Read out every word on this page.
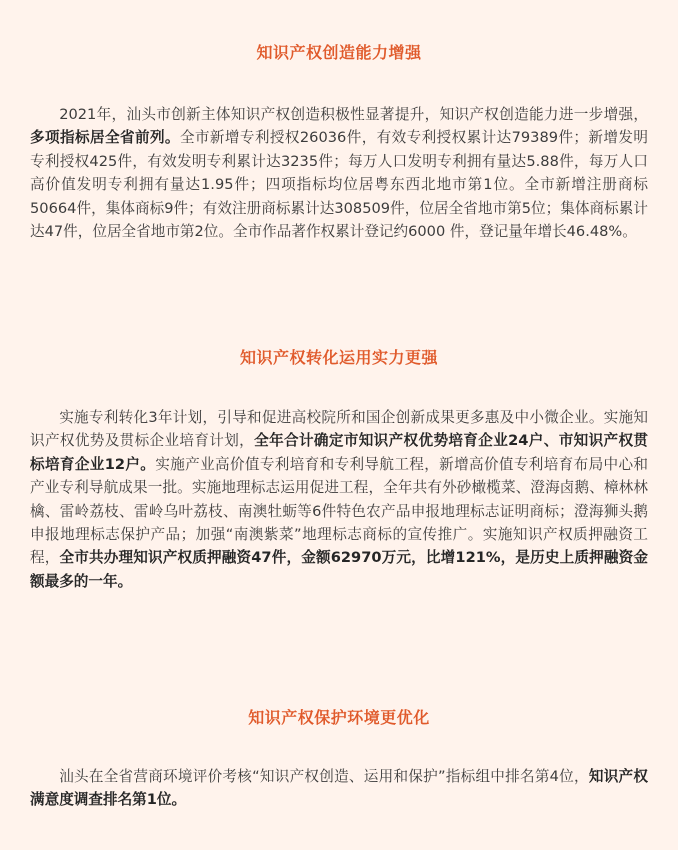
知识产权创造能力增强

2021年，汕头市创新主体知识产权创造积极性显著提升，知识产权创造能力进一步增强，多项指标居全省前列。全市新增专利授权26036件，有效专利授权累计达79389件；新增发明专利授权425件，有效发明专利累计达3235件；每万人口发明专利拥有量达5.88件，每万人口高价值发明专利拥有量达1.95件；四项指标均位居粤东西北地市第1位。全市新增注册商标50664件，集体商标9件；有效注册商标累计达308509件，位居全省地市第5位；集体商标累计达47件，位居全省地市第2位。全市作品著作权累计登记约6000 件，登记量年增长46.48%。

知识产权转化运用实力更强

实施专利转化3年计划，引导和促进高校院所和国企创新成果更多惠及中小微企业。实施知识产权优势及贯标企业培育计划，全年合计确定市知识产权优势培育企业24户、市知识产权贯标培育企业12户。实施产业高价值专利培育和专利导航工程，新增高价值专利培育布局中心和产业专利导航成果一批。实施地理标志运用促进工程，全年共有外砂橄榄菜、澄海卤鹅、樟林林檎、雷岭荔枝、雷岭乌叶荔枝、南澳牡蛎等6件特色农产品申报地理标志证明商标；澄海狮头鹅申报地理标志保护产品；加强“南澳紫菜”地理标志商标的宣传推广。实施知识产权质押融资工程，全市共办理知识产权质押融资47件，金额62970万元，比增121%，是历史上质押融资金额最多的一年。

知识产权保护环境更优化

汕头在全省营商环境评价考核“知识产权创造、运用和保护”指标组中排名第4位，知识产权满意度调查排名第1位。
